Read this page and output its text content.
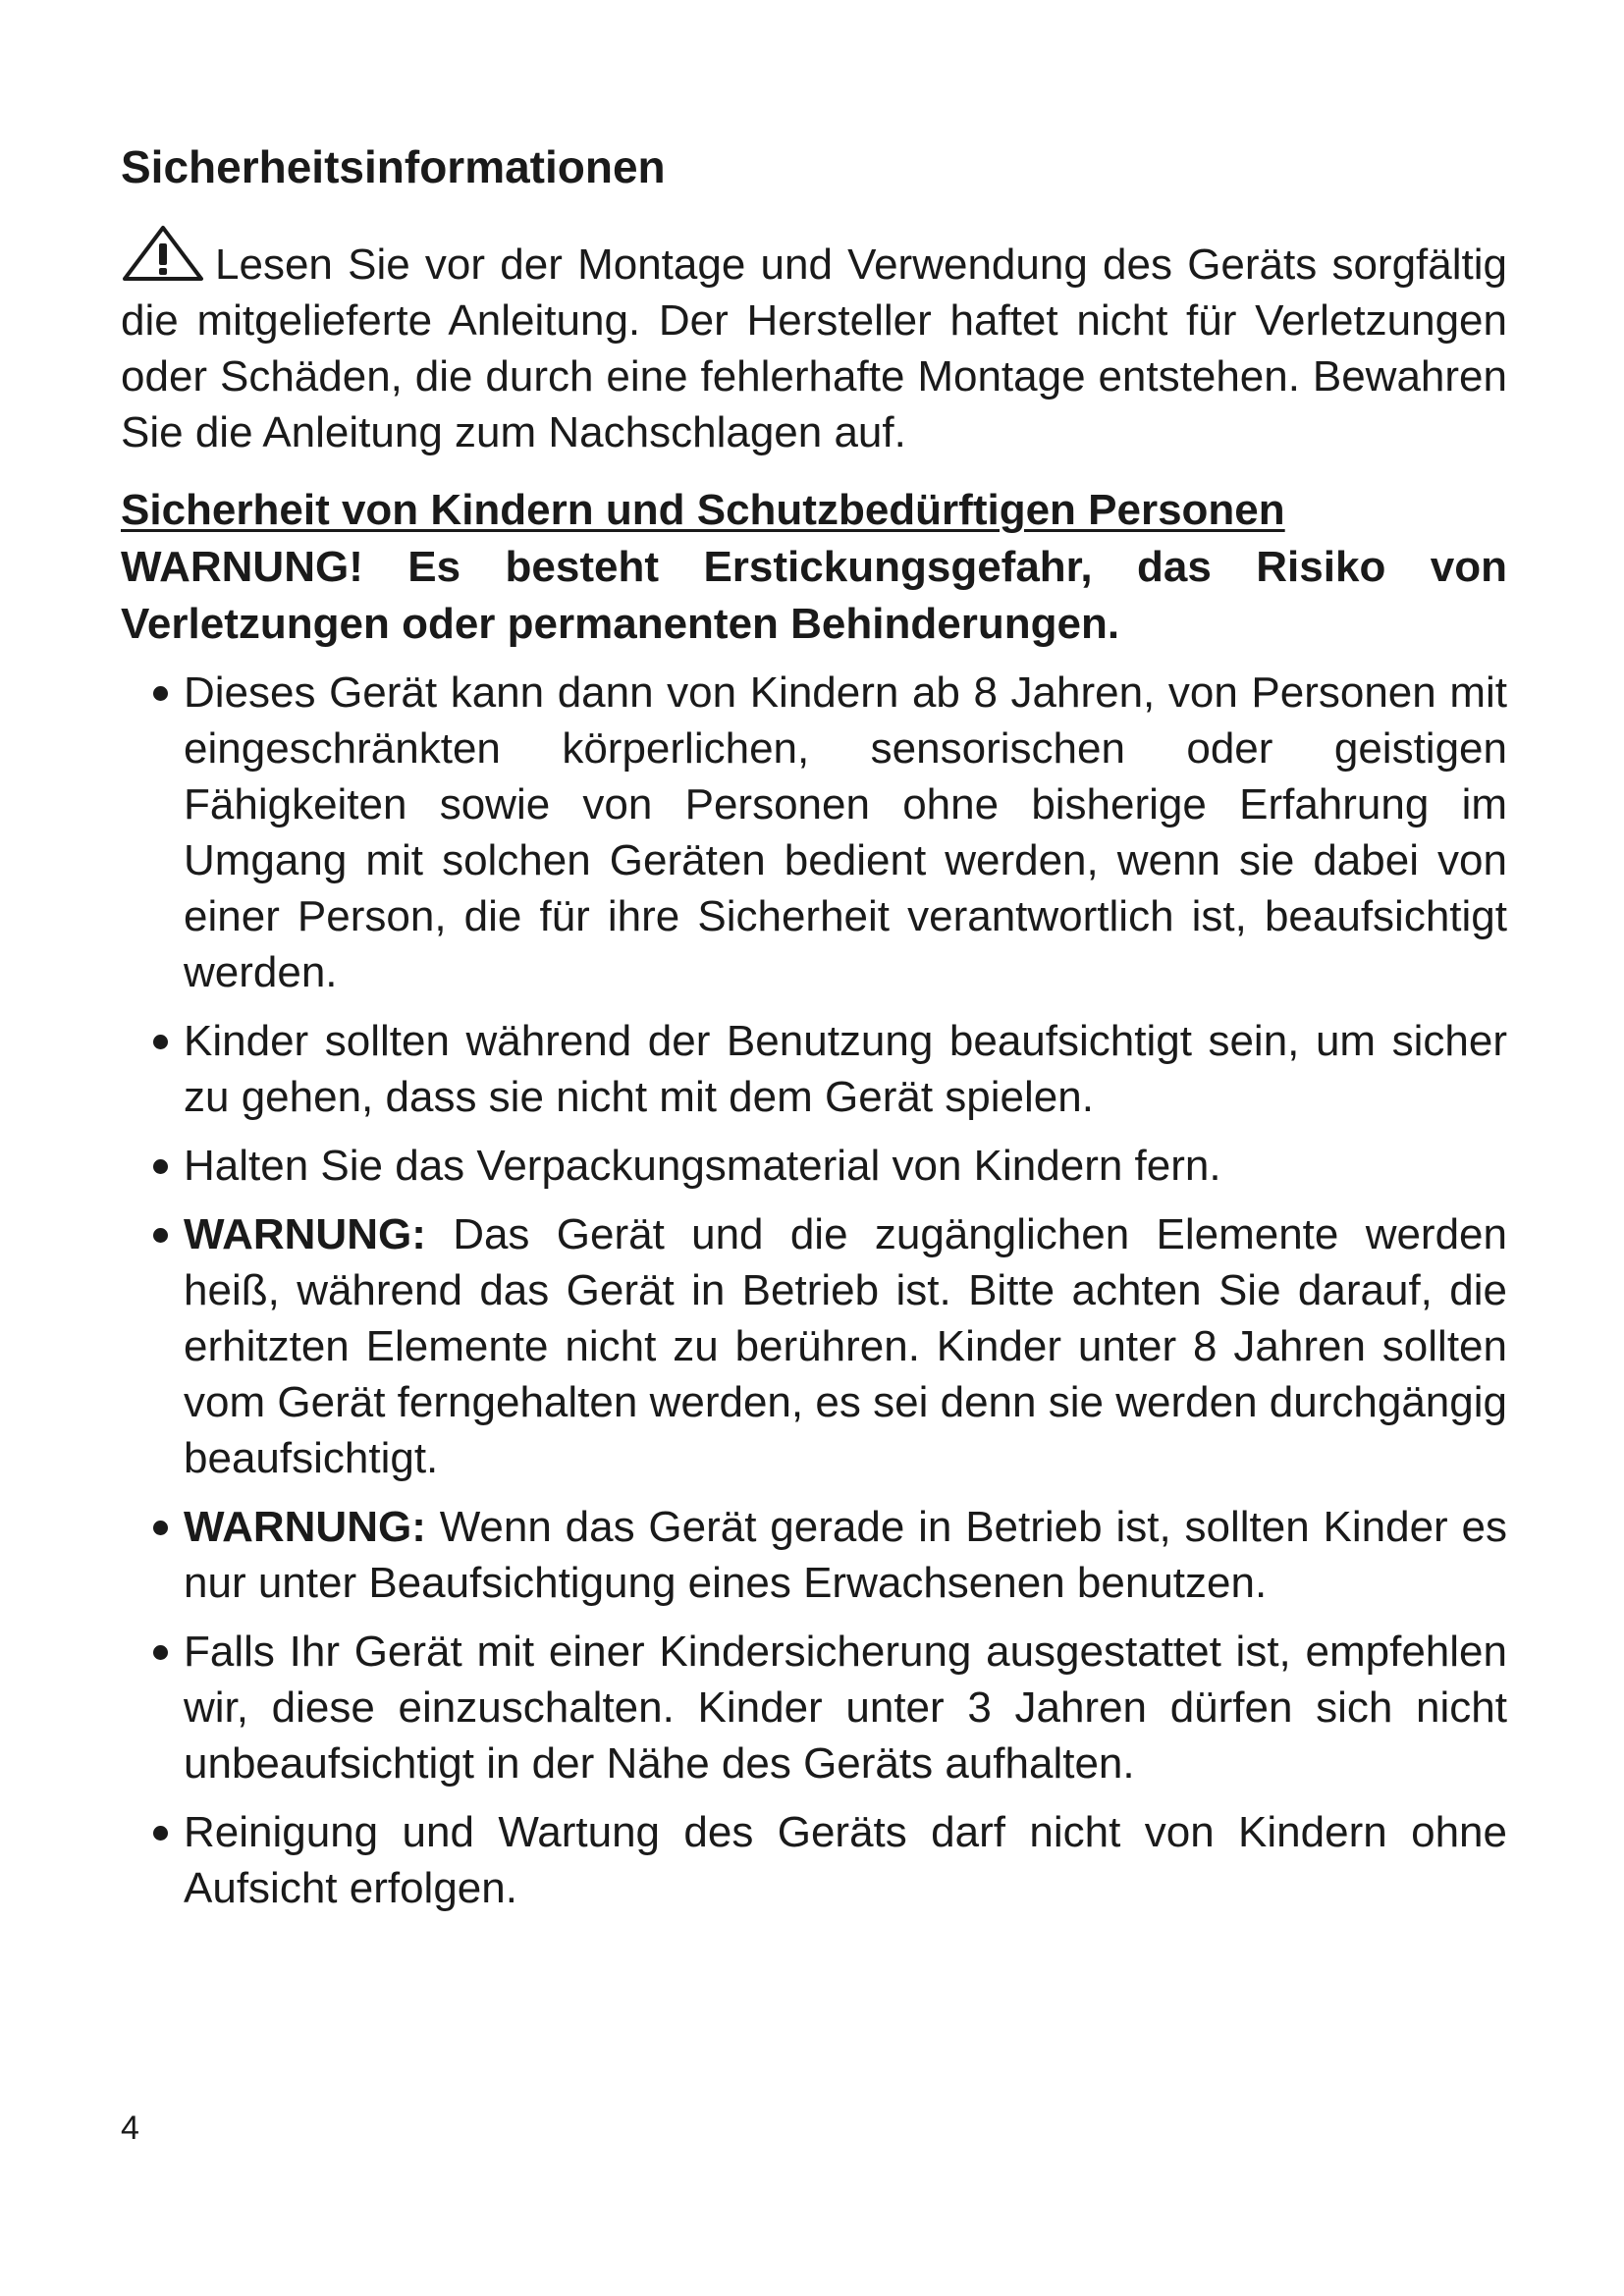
Sicherheitsinformationen

Lesen Sie vor der Montage und Verwendung des Geräts sorgfältig die mitgelieferte Anleitung. Der Hersteller haftet nicht für Verletzungen oder Schäden, die durch eine fehlerhafte Montage entstehen. Bewahren Sie die Anleitung zum Nachschlagen auf.

Sicherheit von Kindern und Schutzbedürftigen Personen

WARNUNG! Es besteht Erstickungsgefahr, das Risiko von Verletzungen oder permanenten Behinderungen.

Dieses Gerät kann dann von Kindern ab 8 Jahren, von Personen mit eingeschränkten körperlichen, sensorischen oder geistigen Fähigkeiten sowie von Personen ohne bisherige Erfahrung im Umgang mit solchen Geräten bedient werden, wenn sie dabei von einer Person, die für ihre Sicherheit verantwortlich ist, beaufsichtigt werden.
Kinder sollten während der Benutzung beaufsichtigt sein, um sicher zu gehen, dass sie nicht mit dem Gerät spielen.
Halten Sie das Verpackungsmaterial von Kindern fern.
WARNUNG: Das Gerät und die zugänglichen Elemente werden heiß, während das Gerät in Betrieb ist. Bitte achten Sie darauf, die erhitzten Elemente nicht zu berühren. Kinder unter 8 Jahren sollten vom Gerät ferngehalten werden, es sei denn sie werden durchgängig beaufsichtigt.
WARNUNG: Wenn das Gerät gerade in Betrieb ist, sollten Kinder es nur unter Beaufsichtigung eines Erwachsenen benutzen.
Falls Ihr Gerät mit einer Kindersicherung ausgestattet ist, empfehlen wir, diese einzuschalten. Kinder unter 3 Jahren dürfen sich nicht unbeaufsichtigt in der Nähe des Geräts aufhalten.
Reinigung und Wartung des Geräts darf nicht von Kindern ohne Aufsicht erfolgen.
4
